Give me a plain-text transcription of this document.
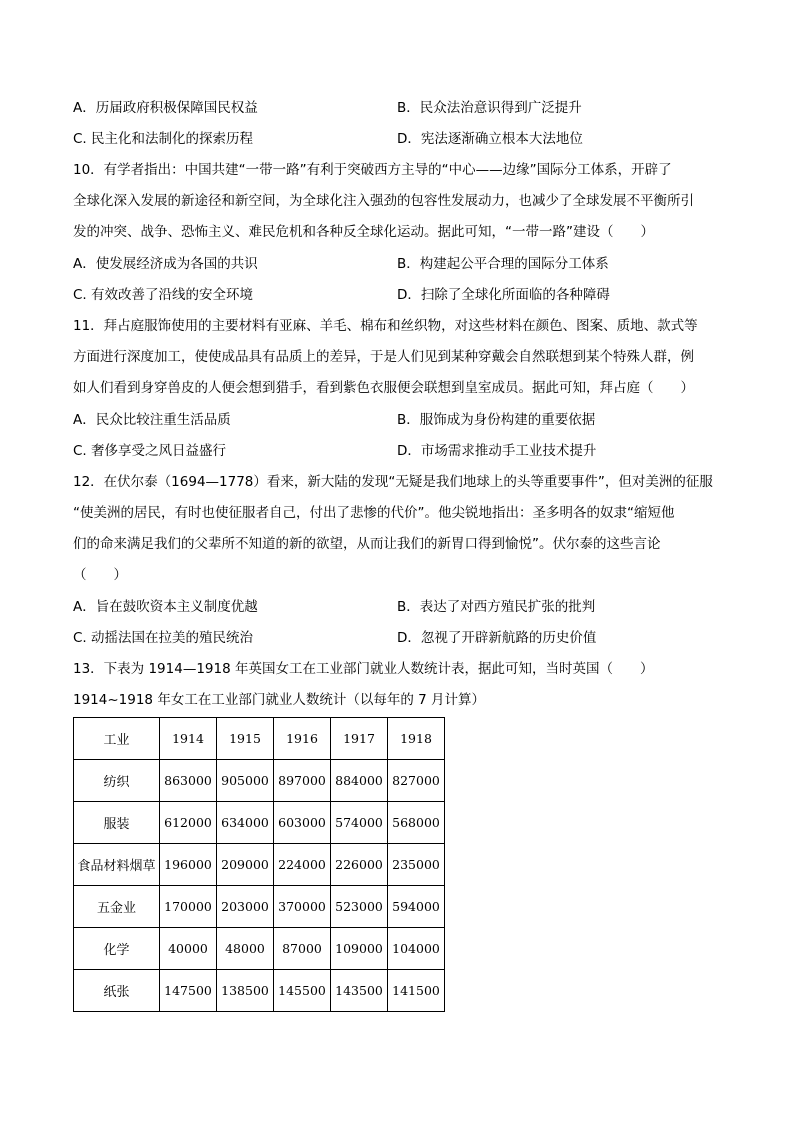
A．历届政府积极保障国民权益	B．民众法治意识得到广泛提升
C. 民主化和法制化的探索历程	D．宪法逐渐确立根本大法地位
10．有学者指出：中国共建“一带一路”有利于突破西方主导的“中心——边缘”国际分工体系，开辟了
全球化深入发展的新途径和新空间，为全球化注入强劲的包容性发展动力，也减少了全球发展不平衡所引
发的冲突、战争、恐怖主义、难民危机和各种反全球化运动。据此可知，“一带一路”建设（　　）
A．使发展经济成为各国的共识	B．构建起公平合理的国际分工体系
C. 有效改善了沿线的安全环境	D．扫除了全球化所面临的各种障碍
11．拜占庭服饰使用的主要材料有亚麻、羊毛、棉布和丝织物，对这些材料在颜色、图案、质地、款式等
方面进行深度加工，使使成品具有品质上的差异，于是人们见到某种穿戴会自然联想到某个特殊人群，例
如人们看到身穿兽皮的人便会想到猎手，看到紫色衣服便会联想到皇室成员。据此可知，拜占庭（　　）
A．民众比较注重生活品质	B．服饰成为身份构建的重要依据
C. 奢侈享受之风日益盛行	D．市场需求推动手工业技术提升
12．在伏尔泰（1694—1778）看来，新大陆的发现“无疑是我们地球上的头等重要事件”，但对美洲的征服
“使美洲的居民，有时也使征服者自己，付出了悲惨的代价”。他尖锐地指出：圣多明各的奴隶“缩短他
们的命来满足我们的父辈所不知道的新的欲望，从而让我们的新胃口得到愉悦”。伏尔泰的这些言论
（　　）
A．旨在鼓吹资本主义制度优越	B．表达了对西方殖民扩张的批判
C. 动摇法国在拉美的殖民统治	D．忽视了开辟新航路的历史价值
13．下表为 1914—1918 年英国女工在工业部门就业人数统计表，据此可知，当时英国（　　）
1914~1918 年女工在工业部门就业人数统计（以每年的 7 月计算）
工业	1914	1915	1916	1917	1918
纺织	863000	905000	897000	884000	827000
服装	612000	634000	603000	574000	568000
食品材料烟草	196000	209000	224000	226000	235000
五金业	170000	203000	370000	523000	594000
化学	40000	48000	87000	109000	104000
纸张	147500	138500	145500	143500	141500
